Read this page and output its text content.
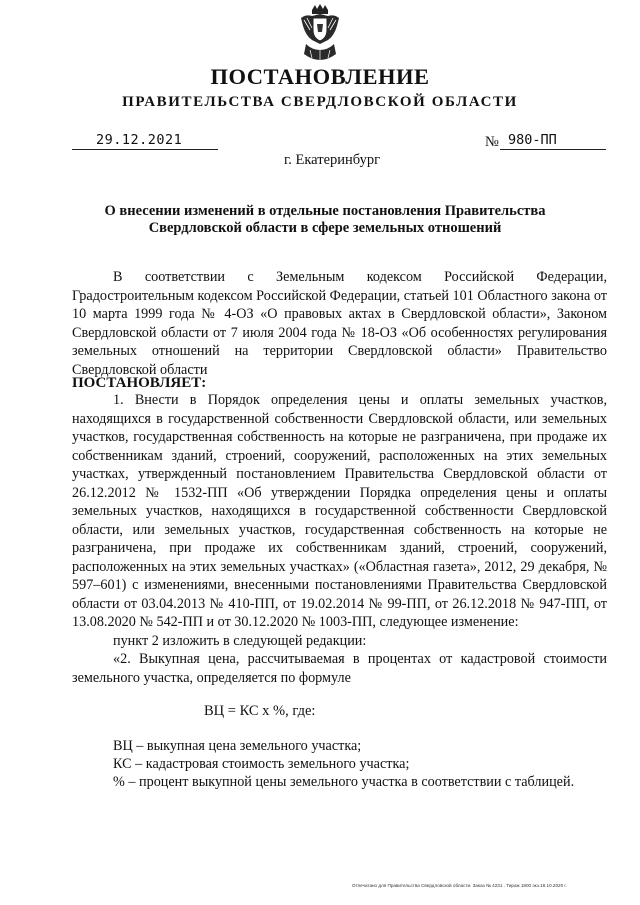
ПОСТАНОВЛЕНИЕ
ПРАВИТЕЛЬСТВА СВЕРДЛОВСКОЙ ОБЛАСТИ
29.12.2021	№ 980-ПП
г. Екатеринбург
О внесении изменений в отдельные постановления Правительства Свердловской области в сфере земельных отношений
В соответствии с Земельным кодексом Российской Федерации, Градостроительным кодексом Российской Федерации, статьей 101 Областного закона от 10 марта 1999 года № 4-ОЗ «О правовых актах в Свердловской области», Законом Свердловской области от 7 июля 2004 года № 18-ОЗ «Об особенностях регулирования земельных отношений на территории Свердловской области» Правительство Свердловской области
ПОСТАНОВЛЯЕТ:
1. Внести в Порядок определения цены и оплаты земельных участков, находящихся в государственной собственности Свердловской области, или земельных участков, государственная собственность на которые не разграничена, при продаже их собственникам зданий, строений, сооружений, расположенных на этих земельных участках, утвержденный постановлением Правительства Свердловской области от 26.12.2012 № 1532-ПП «Об утверждении Порядка определения цены и оплаты земельных участков, находящихся в государственной собственности Свердловской области, или земельных участков, государственная собственность на которые не разграничена, при продаже их собственникам зданий, строений, сооружений, расположенных на этих земельных участках» («Областная газета», 2012, 29 декабря, № 597–601) с изменениями, внесенными постановлениями Правительства Свердловской области от 03.04.2013 № 410-ПП, от 19.02.2014 № 99-ПП, от 26.12.2018 № 947-ПП, от 13.08.2020 № 542-ПП и от 30.12.2020 № 1003-ПП, следующее изменение:
пункт 2 изложить в следующей редакции:
«2. Выкупная цена, рассчитываемая в процентах от кадастровой стоимости земельного участка, определяется по формуле
ВЦ = КС х %, где:
ВЦ – выкупная цена земельного участка;
КС – кадастровая стоимость земельного участка;
% – процент выкупной цены земельного участка в соответствии с таблицей.
Отпечатано для Правительства Свердловской области. Заказ № 4231 . Тираж 1800 экз.18.10.2020 г.
